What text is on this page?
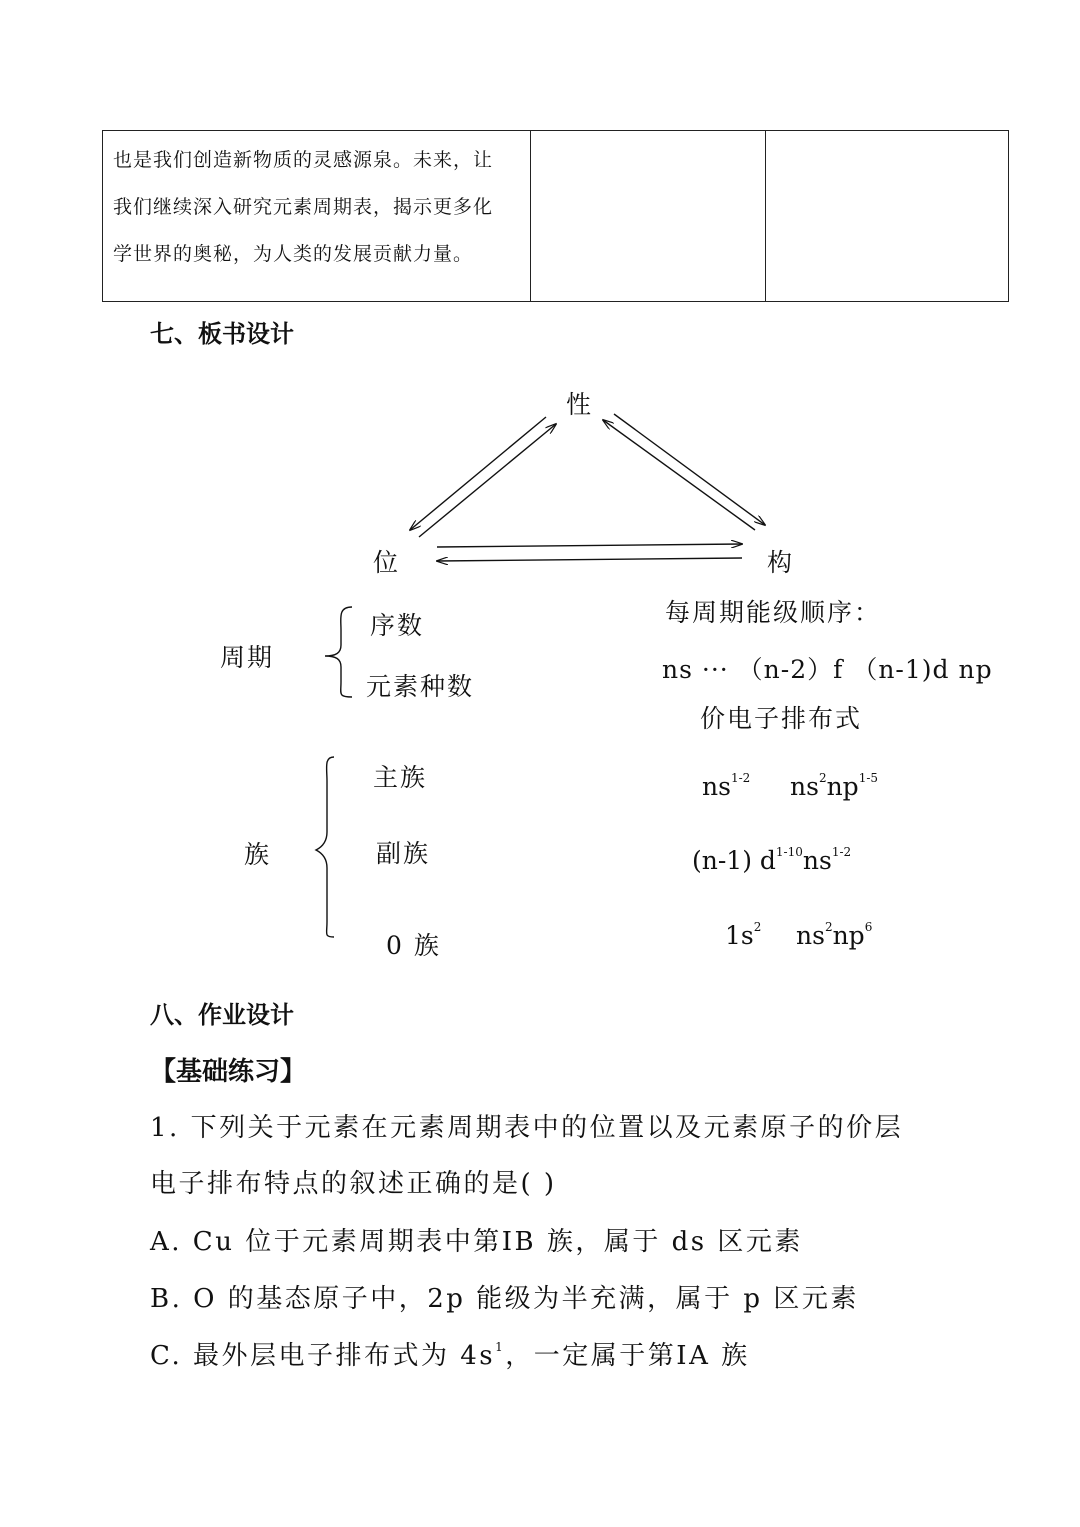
也是我们创造新物质的灵感源泉。未来，让
我们继续深入研究元素周期表，揭示更多化
学世界的奥秘，为人类的发展贡献力量。

七、板书设计
性
位	构
周期
序数
元素种数
族
主族
副族
0 族
每周期能级顺序：
ns ··· （n-2）f （n-1)d np
价电子排布式
$ns^{1-2}$ $ns^2np^{1-5}$
(n-1) $d^{1-10}ns^{1-2}$
$1s^2$ $ns^2np^6$
八、作业设计
【基础练习】
1. 下列关于元素在元素周期表中的位置以及元素原子的价层
电子排布特点的叙述正确的是( )
A. Cu 位于元素周期表中第ⅠB 族，属于 ds 区元素
B. O 的基态原子中，2p 能级为半充满，属于 p 区元素
C. 最外层电子排布式为 $4s^1$，一定属于第ⅠA 族
